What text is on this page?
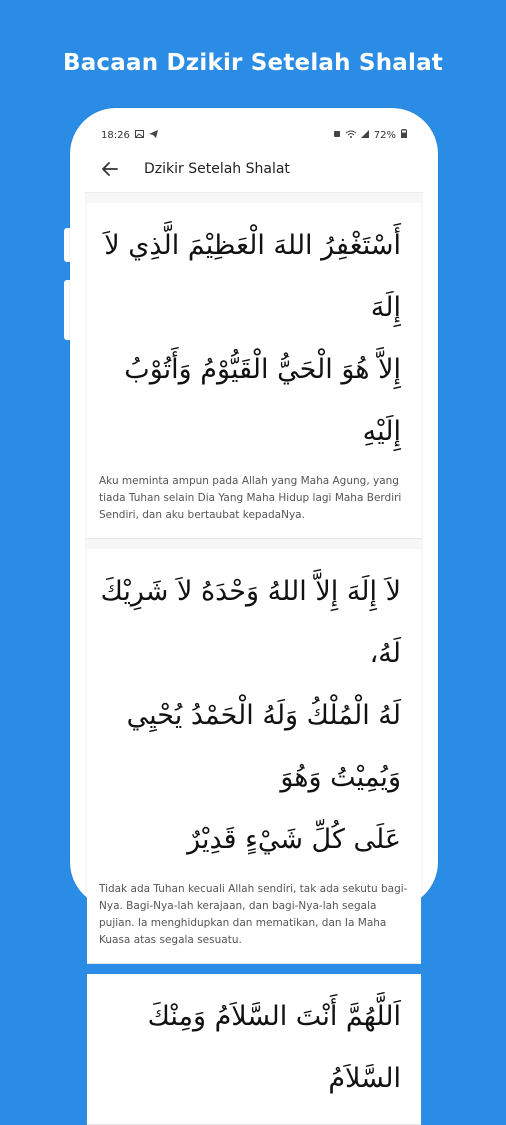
Bacaan Dzikir Setelah Shalat
18:26	72%
Dzikir Setelah Shalat
أَسْتَغْفِرُ اللهَ الْعَظِيْمَ الَّذِي لاَ إِلَهَ
إِلاَّ هُوَ الْحَيُّ الْقَيُّوْمُ وَأَتُوْبُ إِلَيْهِ
Aku meminta ampun pada Allah yang Maha Agung, yang tiada Tuhan selain Dia Yang Maha Hidup lagi Maha Berdiri Sendiri, dan aku bertaubat kepadaNya.
لاَ إِلَهَ إِلاَّ اللهُ وَحْدَهُ لاَ شَرِيْكَ لَهُ،
لَهُ الْمُلْكُ وَلَهُ الْحَمْدُ يُحْيِي وَيُمِيْتُ وَهُوَ
عَلَى كُلِّ شَيْءٍ قَدِيْرٌ
Tidak ada Tuhan kecuali Allah sendiri, tak ada sekutu bagi-Nya. Bagi-Nya-lah kerajaan, dan bagi-Nya-lah segala pujian. Ia menghidupkan dan mematikan, dan Ia Maha Kuasa atas segala sesuatu.
اَللَّهُمَّ أَنْتَ السَّلاَمُ وَمِنْكَ السَّلاَمُ
